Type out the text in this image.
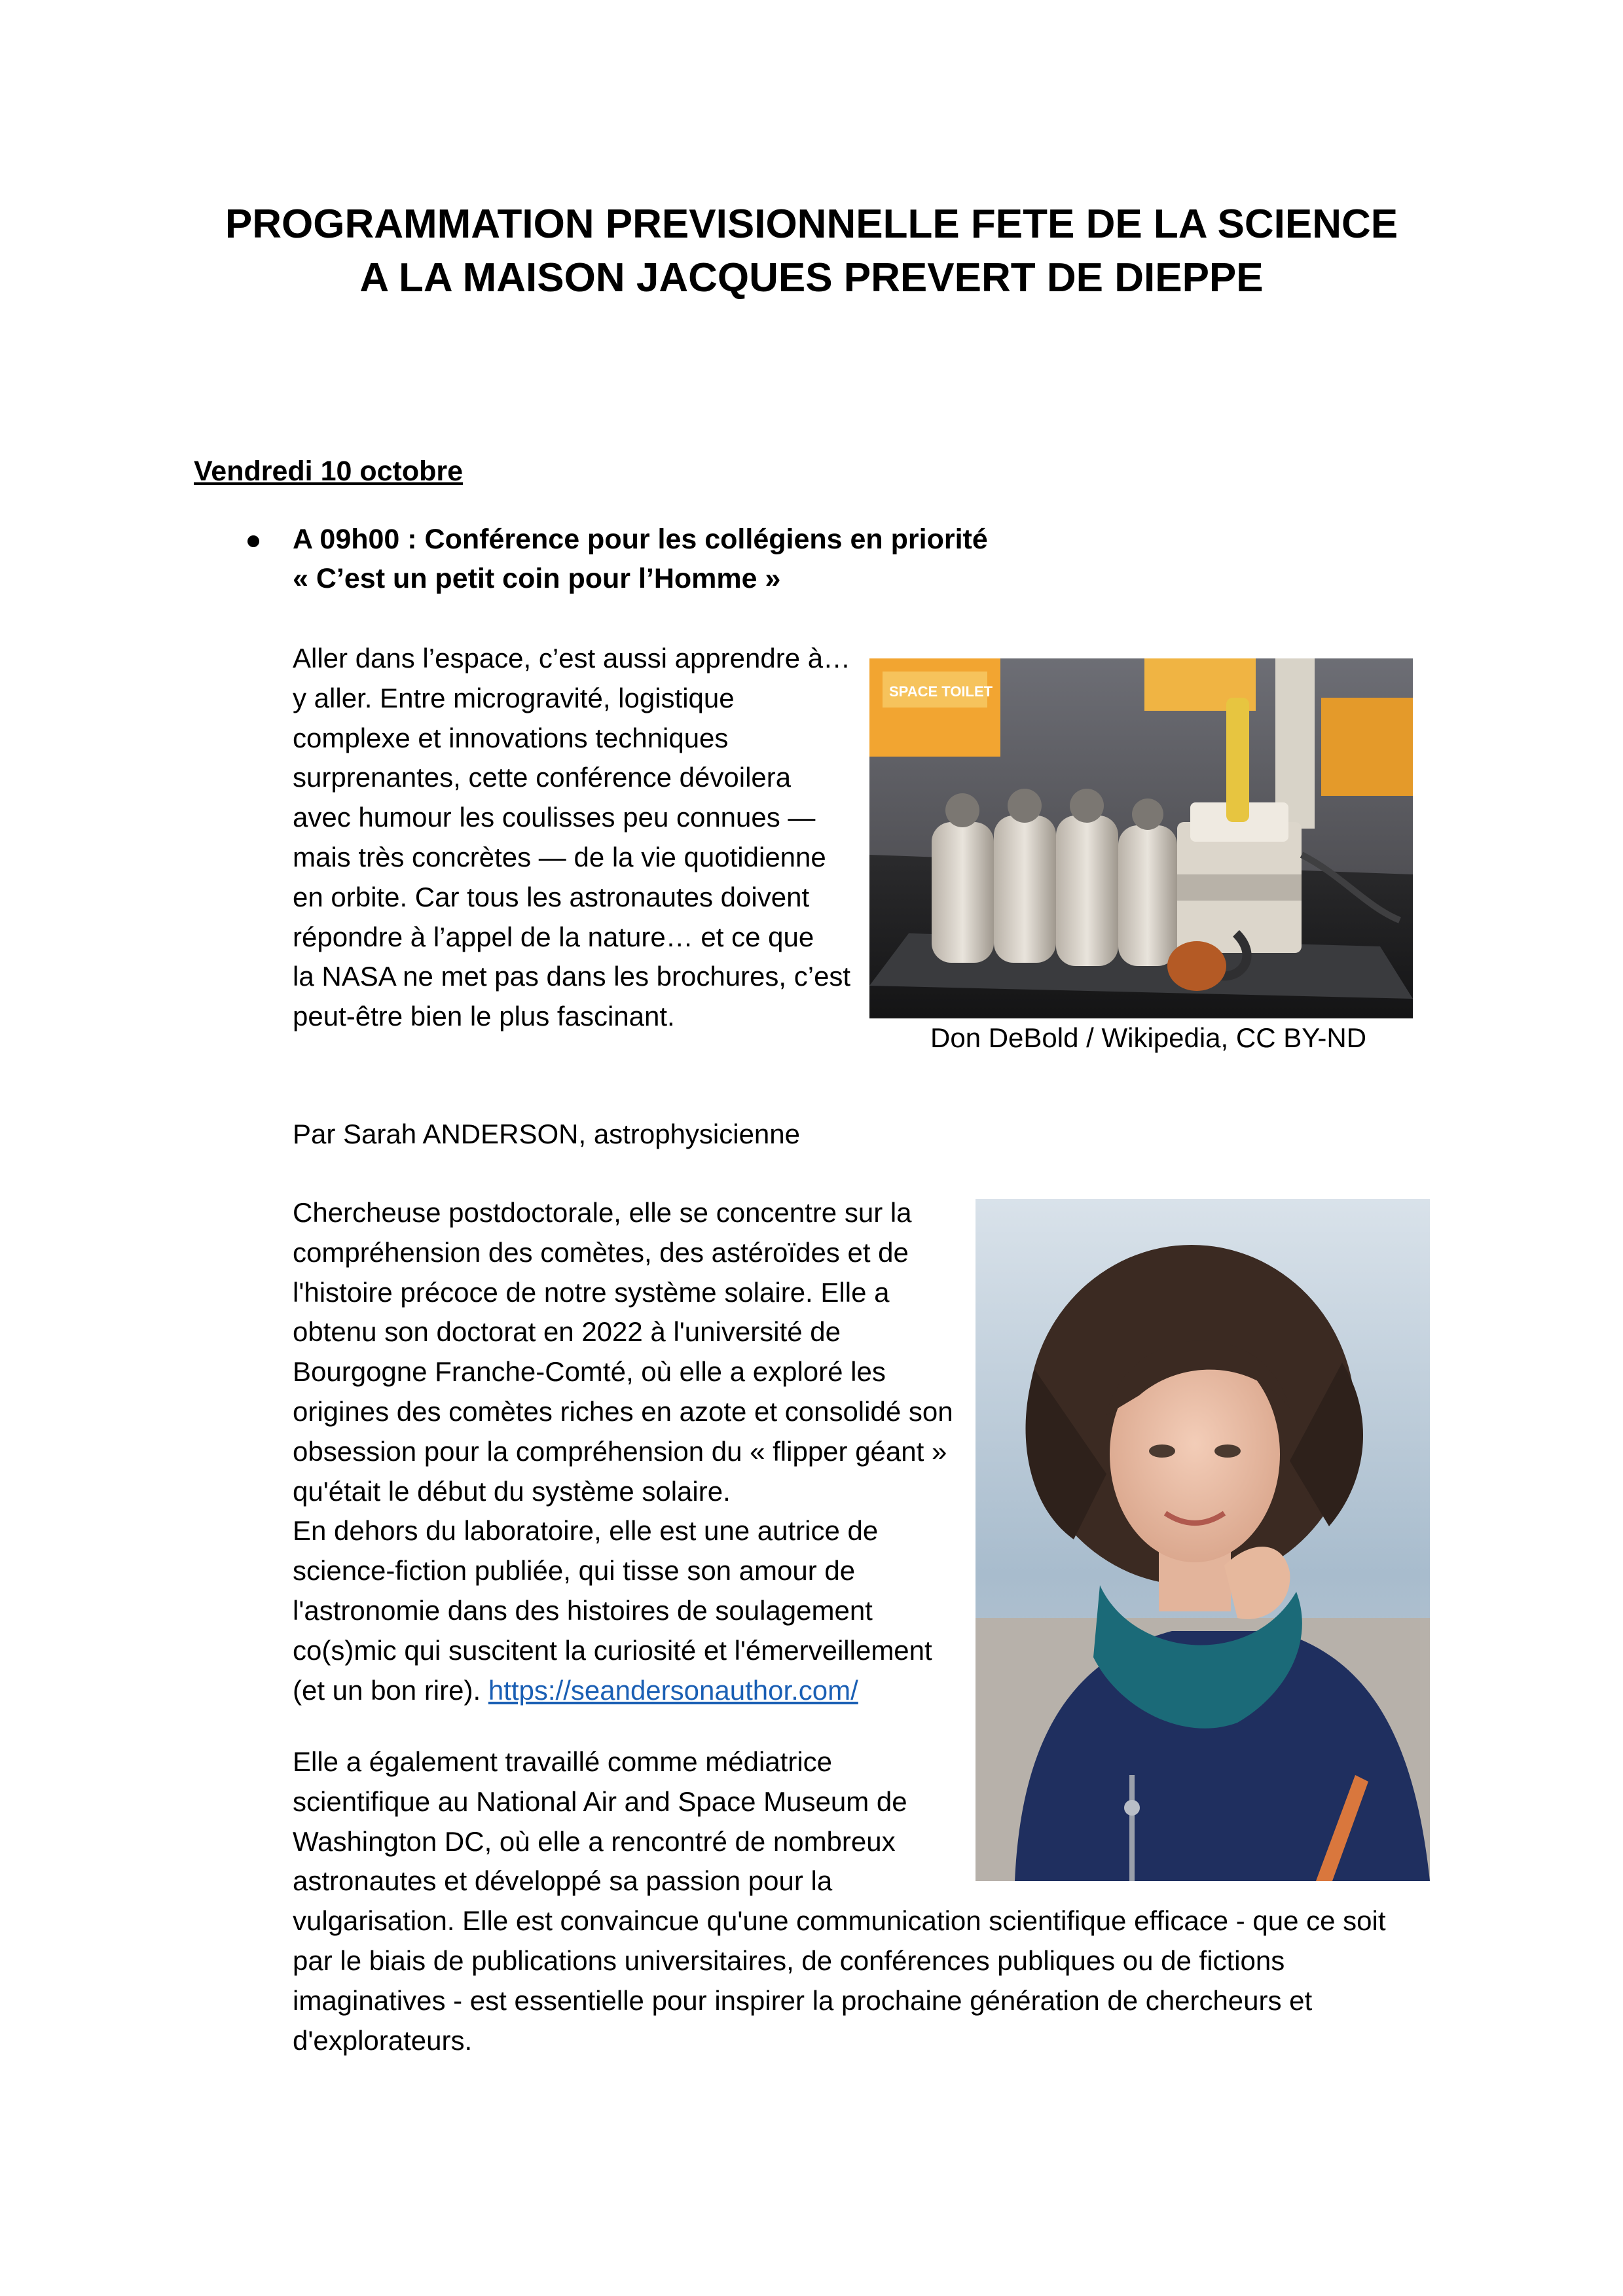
PROGRAMMATION PREVISIONNELLE FETE DE LA SCIENCE
A LA MAISON JACQUES PREVERT DE DIEPPE
Vendredi 10 octobre
A 09h00 : Conférence pour les collégiens en priorité
« C’est un petit coin pour l’Homme »
Aller dans l’espace, c’est aussi apprendre à…
y aller. Entre microgravité, logistique
complexe et innovations techniques
surprenantes, cette conférence dévoilera
avec humour les coulisses peu connues —
mais très concrètes — de la vie quotidienne
en orbite. Car tous les astronautes doivent
répondre à l’appel de la nature… et ce que
la NASA ne met pas dans les brochures, c’est
peut-être bien le plus fascinant.
SPACE TOILET
Don DeBold / Wikipedia, CC BY-ND
Par Sarah ANDERSON, astrophysicienne
Chercheuse postdoctorale, elle se concentre sur la
compréhension des comètes, des astéroïdes et de
l'histoire précoce de notre système solaire. Elle a
obtenu son doctorat en 2022 à l'université de
Bourgogne Franche-Comté, où elle a exploré les
origines des comètes riches en azote et consolidé son
obsession pour la compréhension du « flipper géant »
qu'était le début du système solaire.
En dehors du laboratoire, elle est une autrice de
science-fiction publiée, qui tisse son amour de
l'astronomie dans des histoires de soulagement
co(s)mic qui suscitent la curiosité et l'émerveillement
(et un bon rire). https://seandersonauthor.com/
Elle a également travaillé comme médiatrice
scientifique au National Air and Space Museum de
Washington DC, où elle a rencontré de nombreux
astronautes et développé sa passion pour la
vulgarisation. Elle est convaincue qu'une communication scientifique efficace - que ce soit
par le biais de publications universitaires, de conférences publiques ou de fictions
imaginatives - est essentielle pour inspirer la prochaine génération de chercheurs et
d'explorateurs.
